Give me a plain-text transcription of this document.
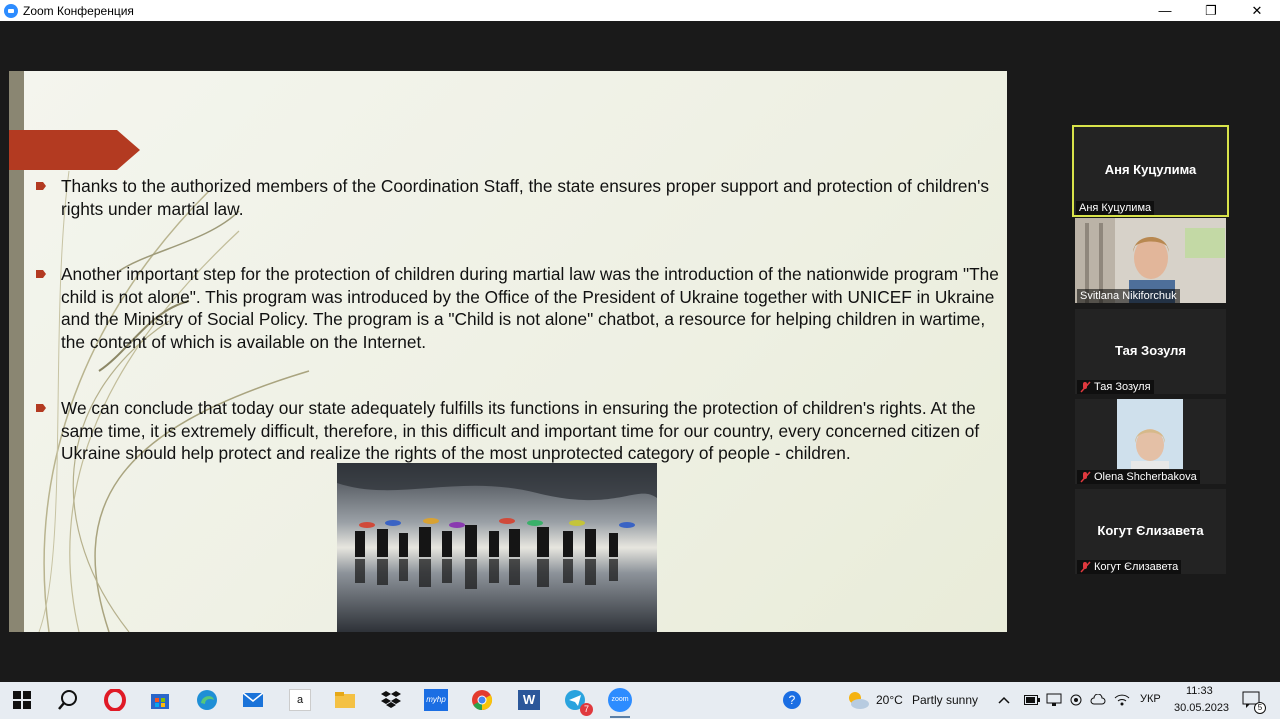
Zoom Конференция	—	❐	✕

Thanks to the authorized members of the Coordination Staff, the state ensures proper support and protection of children's rights under martial law.

Another important step for the protection of children during martial law was the introduction of the nationwide program "The child is not alone". This program was introduced by the Office of the President of Ukraine together with UNICEF in Ukraine and the Ministry of Social Policy. The program is a "Child is not alone" chatbot, a resource for helping children in wartime, the content of which is available on the Internet.

We can conclude that today our state adequately fulfills its functions in ensuring the protection of children's rights. At the same time, it is extremely difficult, therefore, in this difficult and important time for our country, every concerned citizen of Ukraine should help protect and realize the rights of the most unprotected category of people - children.

Аня Куцулима
Аня Куцулима
Svitlana Nikiforchuk
Тая Зозуля
Тая Зозуля
Olena Shcherbakova
Когут Єлизавета
Когут Єлизавета
a	myhp	W
7
zoom	?	20°C Partly sunny	УКР
11:33
30.05.2023	5
